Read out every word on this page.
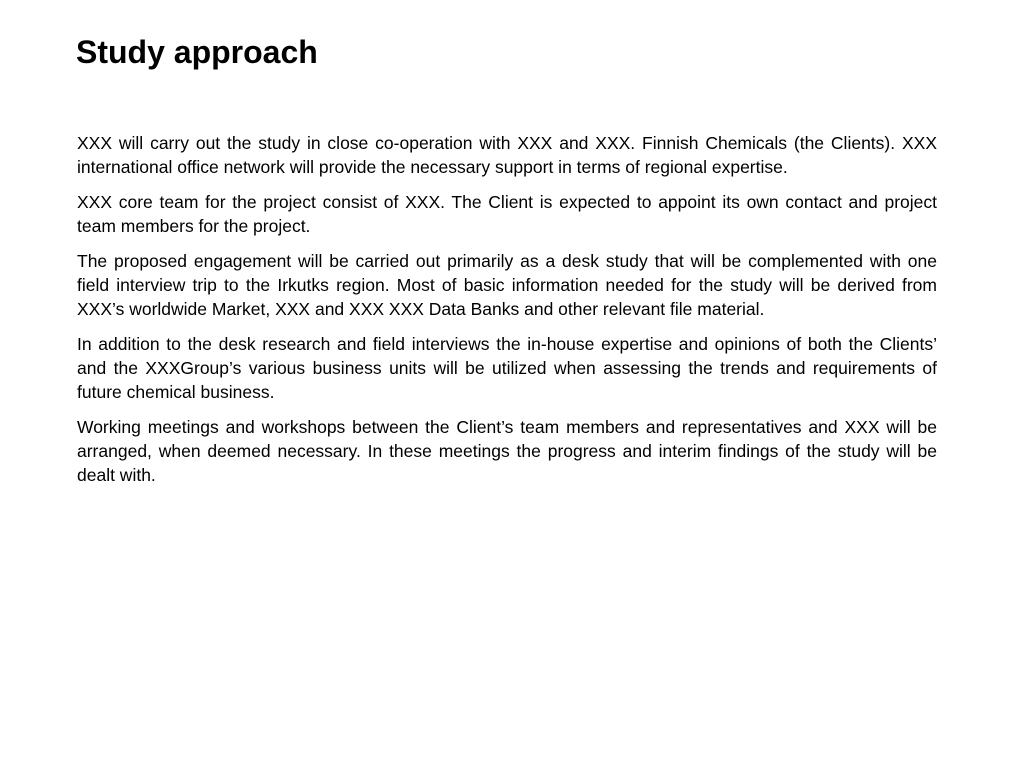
Study approach

XXX will carry out the study in close co-operation with XXX and XXX. Finnish Chemicals (the Clients). XXX international office network will provide the necessary support in terms of regional expertise.

XXX core team for the project consist of XXX. The Client is expected to appoint its own contact and project team members for the project.

The proposed engagement will be carried out primarily as a desk study that will be complemented with one field interview trip to the Irkutks region. Most of basic information needed for the study will be derived from XXX’s worldwide Market, XXX and XXX XXX Data Banks and other relevant file material.

In addition to the desk research and field interviews the in-house expertise and opinions of both the Clients’ and the XXXGroup’s various business units will be utilized when assessing the trends and requirements of future chemical business.

Working meetings and workshops between the Client’s team members and representatives and XXX will be arranged, when deemed necessary. In these meetings the progress and interim findings of the study will be dealt with.
